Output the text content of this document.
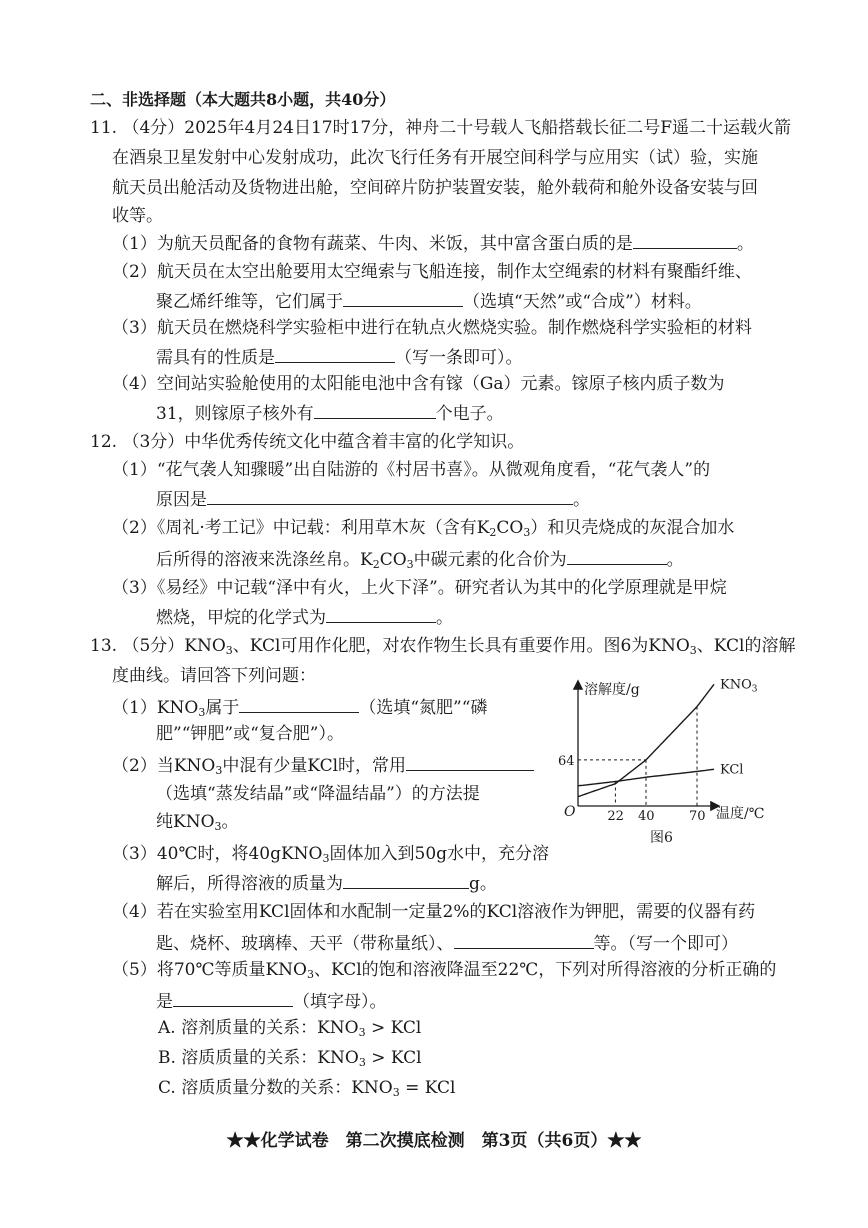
二、非选择题（本大题共8小题，共40分）
11. （4分）2025年4月24日17时17分，神舟二十号载人飞船搭载长征二号F遥二十运载火箭
在酒泉卫星发射中心发射成功，此次飞行任务有开展空间科学与应用实（试）验，实施
航天员出舱活动及货物进出舱，空间碎片防护装置安装，舱外载荷和舱外设备安装与回
收等。
（1）为航天员配备的食物有蔬菜、牛肉、米饭，其中富含蛋白质的是	。
（2）航天员在太空出舱要用太空绳索与飞船连接，制作太空绳索的材料有聚酯纤维、
聚乙烯纤维等，它们属于	（选填“天然”或“合成”）材料。
（3）航天员在燃烧科学实验柜中进行在轨点火燃烧实验。制作燃烧科学实验柜的材料
需具有的性质是	（写一条即可）。
（4）空间站实验舱使用的太阳能电池中含有镓（Ga）元素。镓原子核内质子数为
31，则镓原子核外有	个电子。
12. （3分）中华优秀传统文化中蕴含着丰富的化学知识。
（1）“花气袭人知骤暖”出自陆游的《村居书喜》。从微观角度看，“花气袭人”的
原因是	。
（2）《周礼·考工记》中记载：利用草木灰（含有$K_2CO_3$）和贝壳烧成的灰混合加水
后所得的溶液来洗涤丝帛。$K_2CO_3$中碳元素的化合价为	。
（3）《易经》中记载“泽中有火，上火下泽”。研究者认为其中的化学原理就是甲烷
燃烧，甲烷的化学式为	。
13. （5分）$KNO_3$、KCl可用作化肥，对农作物生长具有重要作用。图6为$KNO_3$、KCl的溶解
度曲线。请回答下列问题：
$(1)KNO_3$属于	（选填“氮肥”“磷
肥”“钾肥”或“复合肥”）。
（2）当$KNO_3$中混有少量KCl时，常用
（选填“蒸发结晶”或“降温结晶”）的方法提
纯$KNO_3$。
（3）40℃时，将40gKNO$_3$固体加入到50g水中，充分溶
解后，所得溶液的质量为	g。
（4）若在实验室用KCl固体和水配制一定量2%的KCl溶液作为钾肥，需要的仪器有药
匙、烧杯、玻璃棒、天平（带称量纸）、	等。（写一个即可）
（5）将70℃等质量$KNO_3$、KCl的饱和溶液降温至22℃，下列对所得溶液的分析正确的
是	（填字母）。
A. 溶剂质量的关系：$KNO_3$ > KCl
B. 溶质质量的关系：$KNO_3$ > KCl
C. 溶质质量分数的关系：$KNO_3$ = KCl
溶解度/g
温度/℃
O
图6
$KNO_3$
KCl
22 40	70
64
★★化学试卷　第二次摸底检测　第3页（共6页）★★
